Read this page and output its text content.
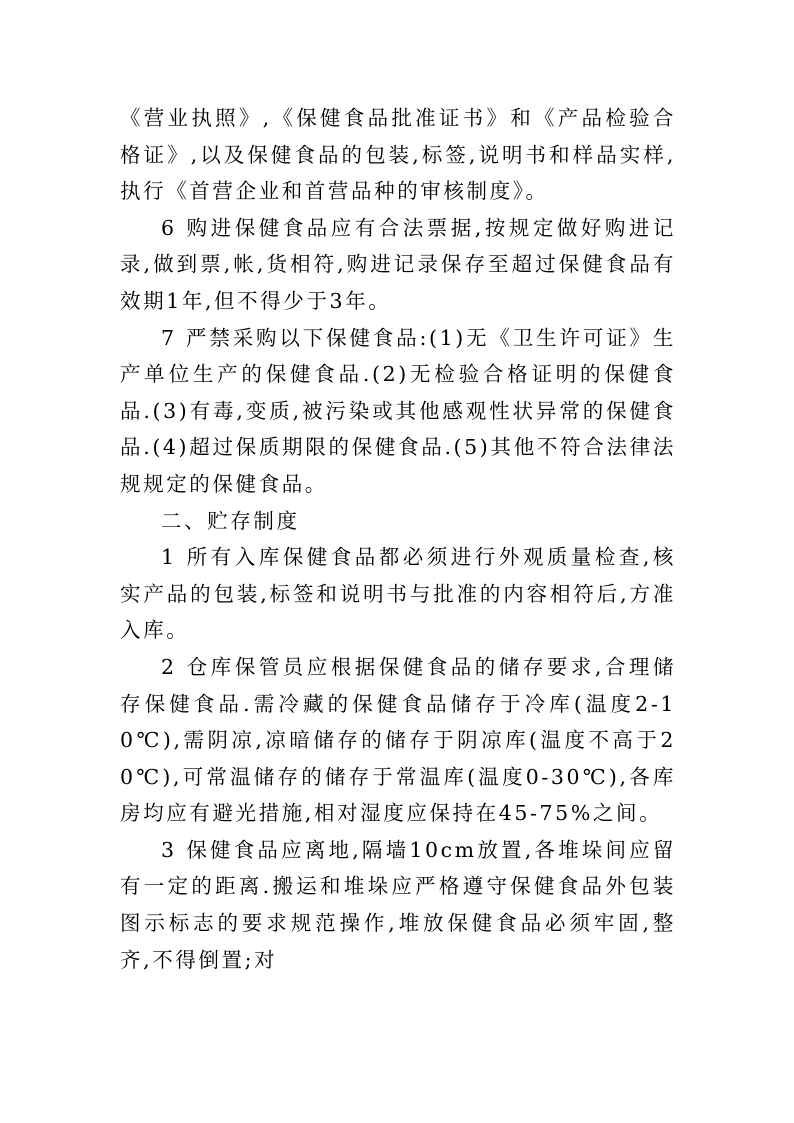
《营业执照》,《保健食品批准证书》和《产品检验合格证》,以及保健食品的包装,标签,说明书和样品实样,执行《首营企业和首营品种的审核制度》。

6 购进保健食品应有合法票据,按规定做好购进记录,做到票,帐,货相符,购进记录保存至超过保健食品有效期1年,但不得少于3年。

7 严禁采购以下保健食品:(1)无《卫生许可证》生产单位生产的保健食品.(2)无检验合格证明的保健食品.(3)有毒,变质,被污染或其他感观性状异常的保健食品.(4)超过保质期限的保健食品.(5)其他不符合法律法规规定的保健食品。

二、贮存制度

1 所有入库保健食品都必须进行外观质量检查,核实产品的包装,标签和说明书与批准的内容相符后,方准入库。

2 仓库保管员应根据保健食品的储存要求,合理储存保健食品.需冷藏的保健食品储存于冷库(温度2-10℃),需阴凉,凉暗储存的储存于阴凉库(温度不高于20℃),可常温储存的储存于常温库(温度0-30℃),各库房均应有避光措施,相对湿度应保持在45-75%之间。

3 保健食品应离地,隔墙10cm放置,各堆垛间应留有一定的距离.搬运和堆垛应严格遵守保健食品外包装图示标志的要求规范操作,堆放保健食品必须牢固,整齐,不得倒置;对
